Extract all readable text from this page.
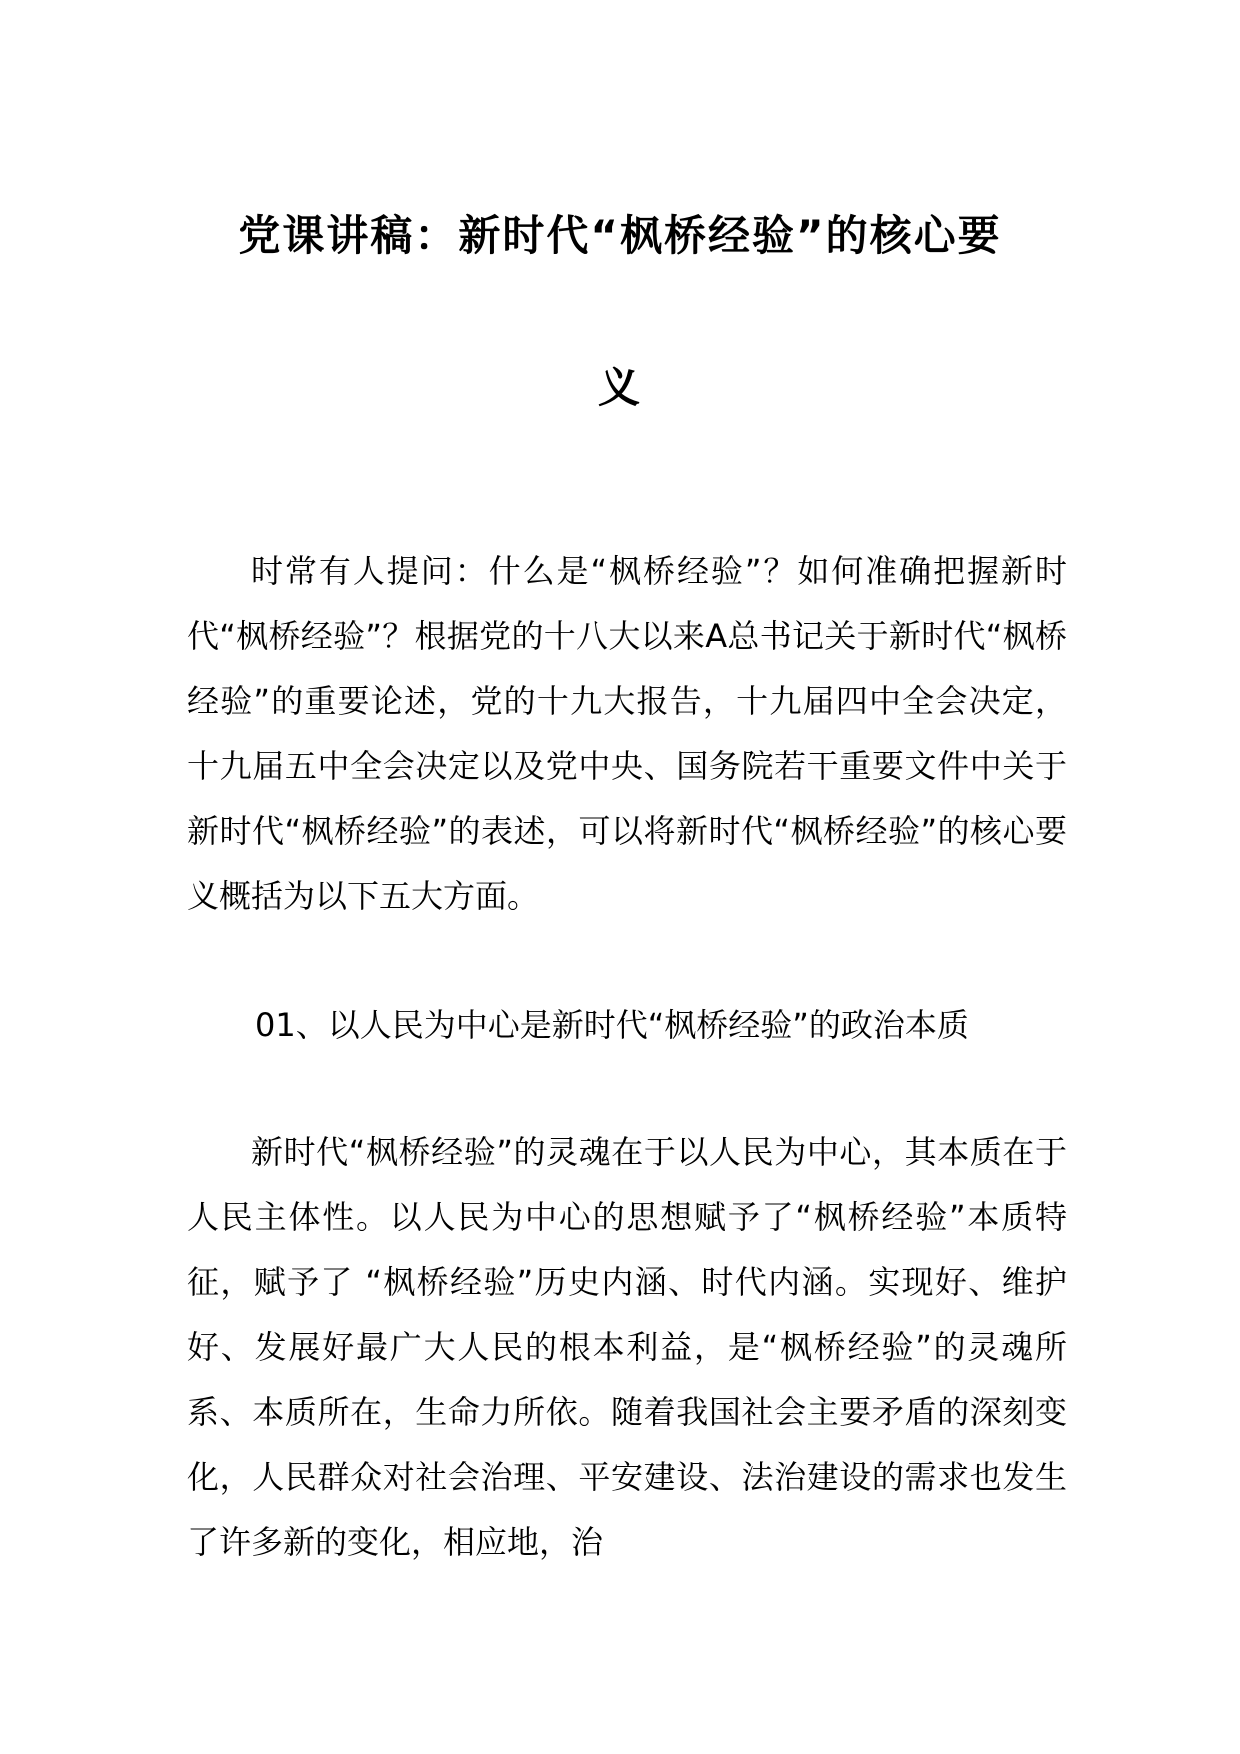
党课讲稿：新时代“枫桥经验”的核心要
义

时常有人提问：什么是“枫桥经验”？如何准确把握新时代“枫桥经验”？根据党的十八大以来A总书记关于新时代“枫桥经验”的重要论述，党的十九大报告，十九届四中全会决定，十九届五中全会决定以及党中央、国务院若干重要文件中关于新时代“枫桥经验”的表述，可以将新时代“枫桥经验”的核心要义概括为以下五大方面。

01、以人民为中心是新时代“枫桥经验”的政治本质

新时代“枫桥经验”的灵魂在于以人民为中心，其本质在于人民主体性。以人民为中心的思想赋予了“枫桥经验”本质特征，赋予了 “枫桥经验”历史内涵、时代内涵。实现好、维护好、发展好最广大人民的根本利益，是“枫桥经验”的灵魂所系、本质所在，生命力所依。随着我国社会主要矛盾的深刻变化，人民群众对社会治理、平安建设、法治建设的需求也发生了许多新的变化，相应地，治
